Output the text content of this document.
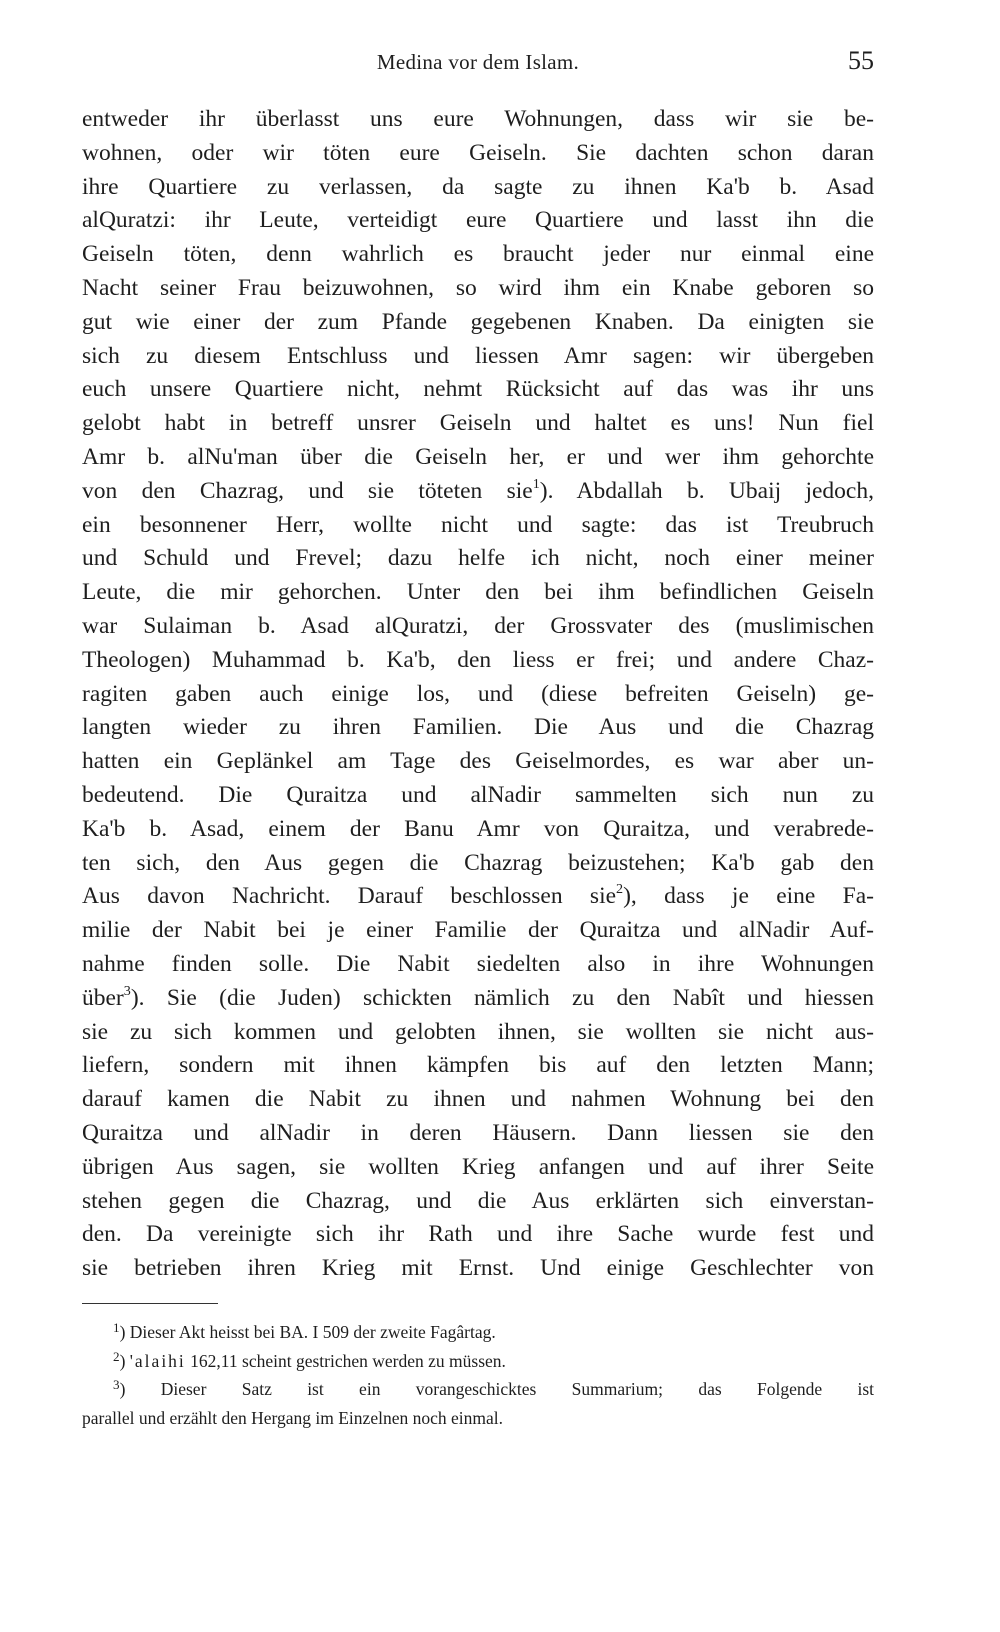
Medina vor dem Islam.	55
entweder ihr überlasst uns eure Wohnungen, dass wir sie be-
wohnen, oder wir töten eure Geiseln. Sie dachten schon daran
ihre Quartiere zu verlassen, da sagte zu ihnen Ka'b b. Asad
alQuratzi: ihr Leute, verteidigt eure Quartiere und lasst ihn die
Geiseln töten, denn wahrlich es braucht jeder nur einmal eine
Nacht seiner Frau beizuwohnen, so wird ihm ein Knabe geboren so
gut wie einer der zum Pfande gegebenen Knaben. Da einigten sie
sich zu diesem Entschluss und liessen Amr sagen: wir übergeben
euch unsere Quartiere nicht, nehmt Rücksicht auf das was ihr uns
gelobt habt in betreff unsrer Geiseln und haltet es uns! Nun fiel
Amr b. alNu'man über die Geiseln her, er und wer ihm gehorchte
von den Chazrag, und sie töteten sie$^1$). Abdallah b. Ubaij jedoch,
ein besonnener Herr, wollte nicht und sagte: das ist Treubruch
und Schuld und Frevel; dazu helfe ich nicht, noch einer meiner
Leute, die mir gehorchen. Unter den bei ihm befindlichen Geiseln
war Sulaiman b. Asad alQuratzi, der Grossvater des (muslimischen
Theologen) Muhammad b. Ka'b, den liess er frei; und andere Chaz-
ragiten gaben auch einige los, und (diese befreiten Geiseln) ge-
langten wieder zu ihren Familien. Die Aus und die Chazrag
hatten ein Geplänkel am Tage des Geiselmordes, es war aber un-
bedeutend. Die Quraitza und alNadir sammelten sich nun zu
Ka'b b. Asad, einem der Banu Amr von Quraitza, und verabrede-
ten sich, den Aus gegen die Chazrag beizustehen; Ka'b gab den
Aus davon Nachricht. Darauf beschlossen sie$^2$), dass je eine Fa-
milie der Nabit bei je einer Familie der Quraitza und alNadir Auf-
nahme finden solle. Die Nabit siedelten also in ihre Wohnungen
über$^3$). Sie (die Juden) schickten nämlich zu den Nabît und hiessen
sie zu sich kommen und gelobten ihnen, sie wollten sie nicht aus-
liefern, sondern mit ihnen kämpfen bis auf den letzten Mann;
darauf kamen die Nabit zu ihnen und nahmen Wohnung bei den
Quraitza und alNadir in deren Häusern. Dann liessen sie den
übrigen Aus sagen, sie wollten Krieg anfangen und auf ihrer Seite
stehen gegen die Chazrag, und die Aus erklärten sich einverstan-
den. Da vereinigte sich ihr Rath und ihre Sache wurde fest und
sie betrieben ihren Krieg mit Ernst. Und einige Geschlechter von
$^1$) Dieser Akt heisst bei BA. I 509 der zweite Fagârtag.
$^2$) 'alaihi 162,11 scheint gestrichen werden zu müssen.
$^3$) Dieser Satz ist ein vorangeschicktes Summarium; das Folgende ist
parallel und erzählt den Hergang im Einzelnen noch einmal.
